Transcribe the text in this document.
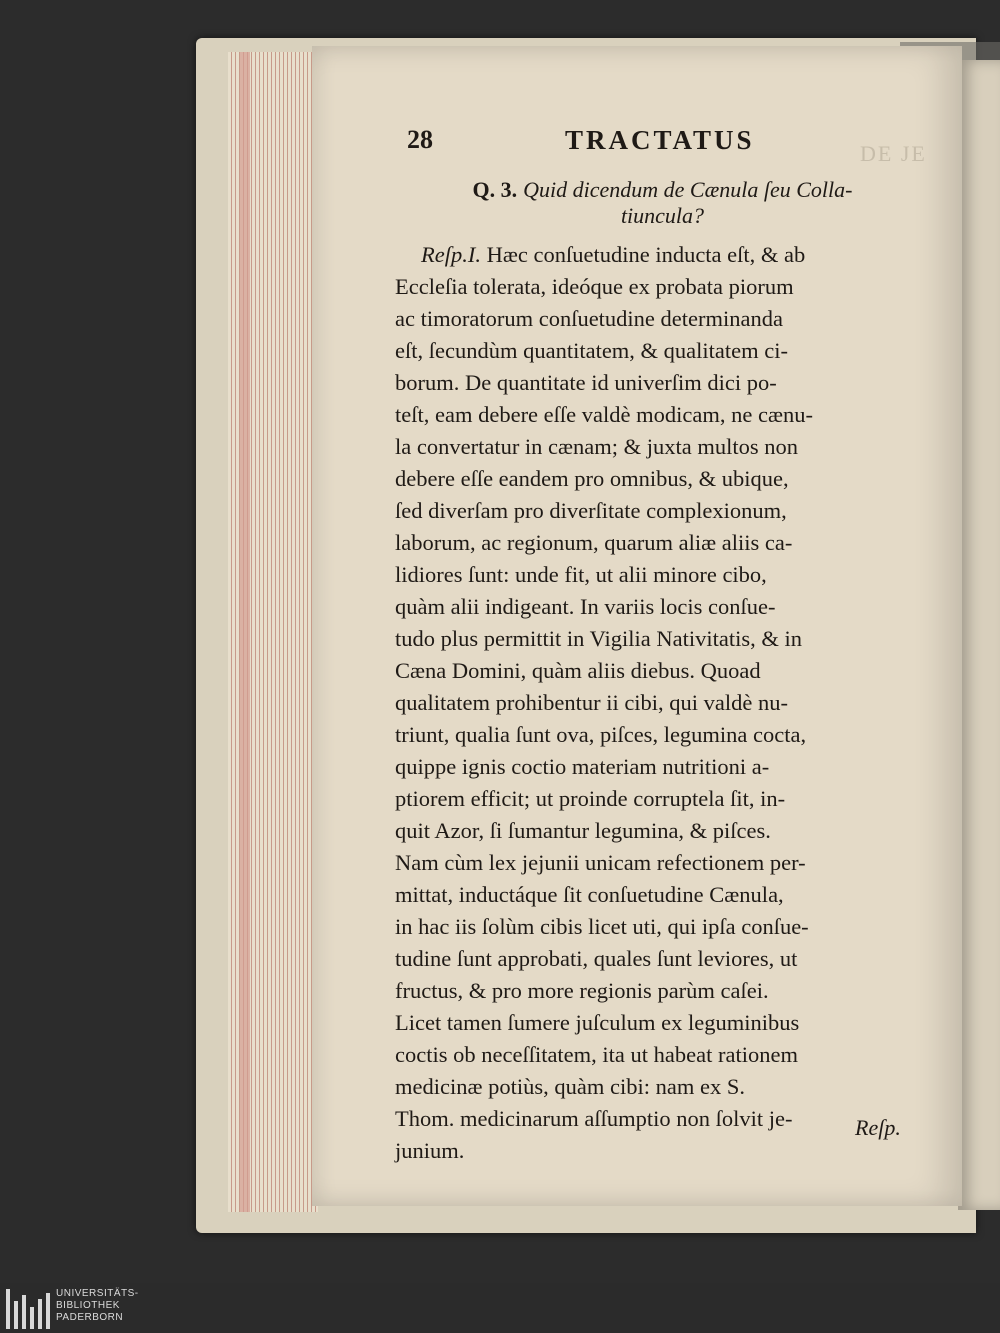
28	TRACTATUS	DE JE
Q. 3. Quid dicendum de Cænula ſeu Colla-
tiuncula?
Reſp.I. Hæc conſuetudine inducta eſt, & ab
Eccleſia tolerata, ideóque ex probata piorum
ac timoratorum conſuetudine determinanda
eſt, ſecundùm quantitatem, & qualitatem ci-
borum. De quantitate id univerſim dici po-
teſt, eam debere eſſe valdè modicam, ne cænu-
la convertatur in cænam; & juxta multos non
debere eſſe eandem pro omnibus, & ubique,
ſed diverſam pro diverſitate complexionum,
laborum, ac regionum, quarum aliæ aliis ca-
lidiores ſunt: unde fit, ut alii minore cibo,
quàm alii indigeant. In variis locis conſue-
tudo plus permittit in Vigilia Nativitatis, & in
Cæna Domini, quàm aliis diebus. Quoad
qualitatem prohibentur ii cibi, qui valdè nu-
triunt, qualia ſunt ova, piſces, legumina cocta,
quippe ignis coctio materiam nutritioni a-
ptiorem efficit; ut proinde corruptela ſit, in-
quit Azor, ſi ſumantur legumina, & piſces.
Nam cùm lex jejunii unicam refectionem per-
mittat, inductáque ſit conſuetudine Cænula,
in hac iis ſolùm cibis licet uti, qui ipſa conſue-
tudine ſunt approbati, quales ſunt leviores, ut
fructus, & pro more regionis parùm caſei.
Licet tamen ſumere juſculum ex leguminibus
coctis ob neceſſitatem, ita ut habeat rationem
medicinæ potiùs, quàm cibi: nam ex S.
Thom. medicinarum aſſumptio non ſolvit je-
junium.
Reſp.
UNIVERSITÄTS-
BIBLIOTHEK
PADERBORN
